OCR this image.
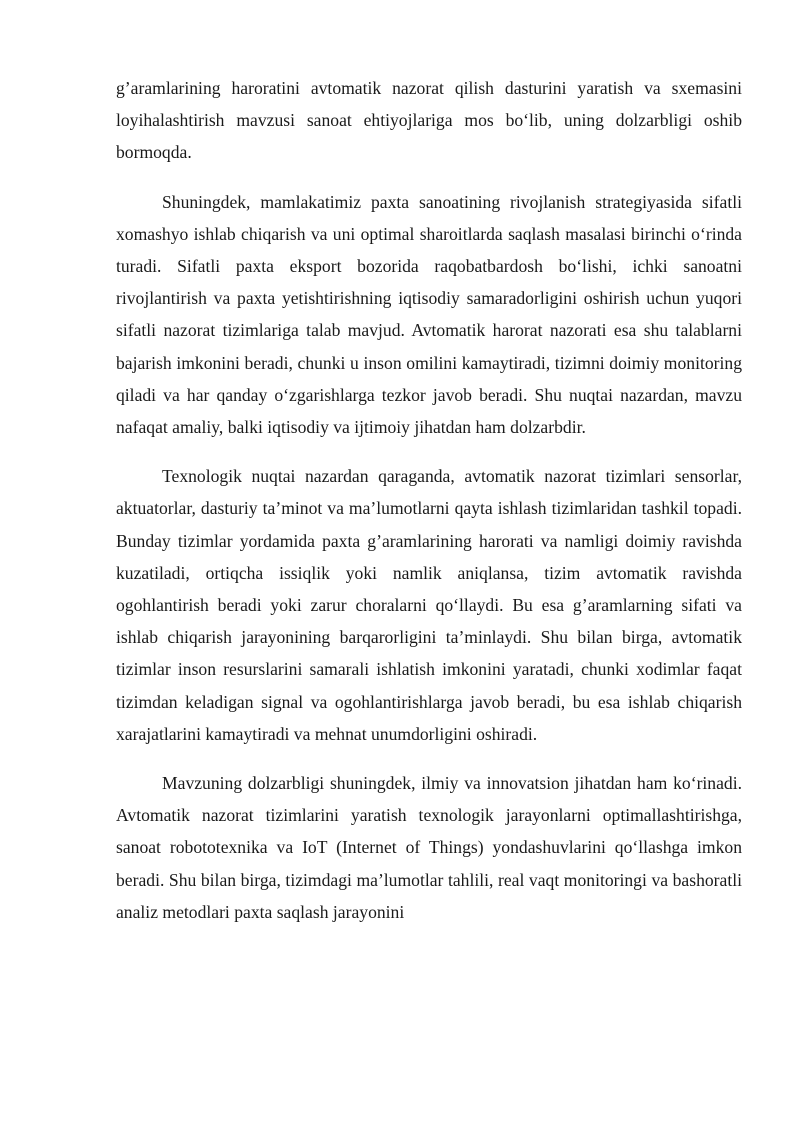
g’aramlarining haroratini avtomatik nazorat qilish dasturini yaratish va sxemasini loyihalashtirish mavzusi sanoat ehtiyojlariga mos bo‘lib, uning dolzarbligi oshib bormoqda.

Shuningdek, mamlakatimiz paxta sanoatining rivojlanish strategiyasida sifatli xomashyo ishlab chiqarish va uni optimal sharoitlarda saqlash masalasi birinchi o‘rinda turadi. Sifatli paxta eksport bozorida raqobatbardosh bo‘lishi, ichki sanoatni rivojlantirish va paxta yetishtirishning iqtisodiy samaradorligini oshirish uchun yuqori sifatli nazorat tizimlariga talab mavjud. Avtomatik harorat nazorati esa shu talablarni bajarish imkonini beradi, chunki u inson omilini kamaytiradi, tizimni doimiy monitoring qiladi va har qanday o‘zgarishlarga tezkor javob beradi. Shu nuqtai nazardan, mavzu nafaqat amaliy, balki iqtisodiy va ijtimoiy jihatdan ham dolzarbdir.

Texnologik nuqtai nazardan qaraganda, avtomatik nazorat tizimlari sensorlar, aktuatorlar, dasturiy ta’minot va ma’lumotlarni qayta ishlash tizimlaridan tashkil topadi. Bunday tizimlar yordamida paxta g’aramlarining harorati va namligi doimiy ravishda kuzatiladi, ortiqcha issiqlik yoki namlik aniqlansa, tizim avtomatik ravishda ogohlantirish beradi yoki zarur choralarni qo‘llaydi. Bu esa g’aramlarning sifati va ishlab chiqarish jarayonining barqarorligini ta’minlaydi. Shu bilan birga, avtomatik tizimlar inson resurslarini samarali ishlatish imkonini yaratadi, chunki xodimlar faqat tizimdan keladigan signal va ogohlantirishlarga javob beradi, bu esa ishlab chiqarish xarajatlarini kamaytiradi va mehnat unumdorligini oshiradi.

Mavzuning dolzarbligi shuningdek, ilmiy va innovatsion jihatdan ham ko‘rinadi. Avtomatik nazorat tizimlarini yaratish texnologik jarayonlarni optimallashtirishga, sanoat robototexnika va IoT (Internet of Things) yondashuvlarini qo‘llashga imkon beradi. Shu bilan birga, tizimdagi ma’lumotlar tahlili, real vaqt monitoringi va bashoratli analiz metodlari paxta saqlash jarayonini
